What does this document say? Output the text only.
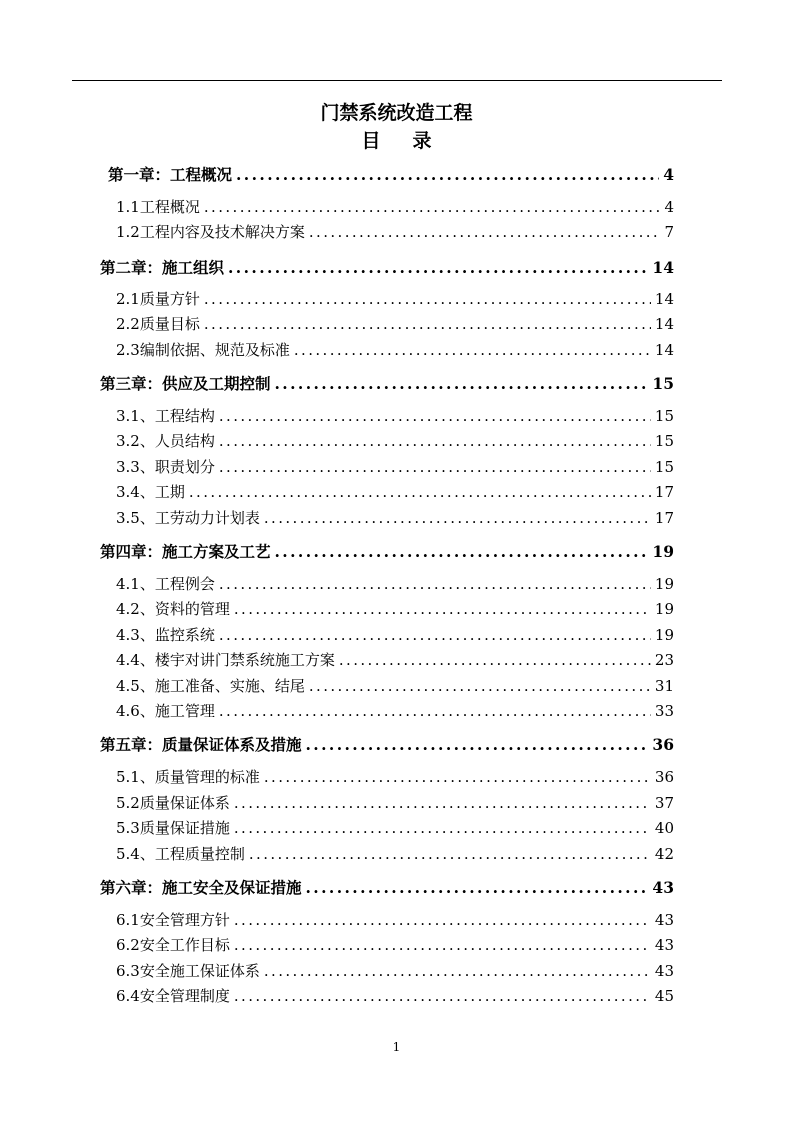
门禁系统改造工程
目录
第一章：工程概况 .....	4
1.1工程概况 .....	4
1.2工程内容及技术解决方案 .....	7
第二章：施工组织 .....	14
2.1质量方针 .....	14
2.2质量目标 .....	14
2.3编制依据、规范及标准 .....	14
第三章：供应及工期控制 .....	15
3.1、工程结构 .....	15
3.2、人员结构 .....	15
3.3、职责划分 .....	15
3.4、工期 .....	17
3.5、工劳动力计划表 .....	17
第四章：施工方案及工艺 .....	19
4.1、工程例会 .....	19
4.2、资料的管理 .....	19
4.3、监控系统 .....	19
4.4、楼宇对讲门禁系统施工方案 .....	23
4.5、施工准备、实施、结尾 .....	31
4.6、施工管理 .....	33
第五章：质量保证体系及措施 .....	36
5.1、质量管理的标准 .....	36
5.2质量保证体系 .....	37
5.3质量保证措施 .....	40
5.4、工程质量控制 .....	42
第六章：施工安全及保证措施 .....	43
6.1安全管理方针 .....	43
6.2安全工作目标 .....	43
6.3安全施工保证体系 .....	43
6.4安全管理制度 .....	45
1
